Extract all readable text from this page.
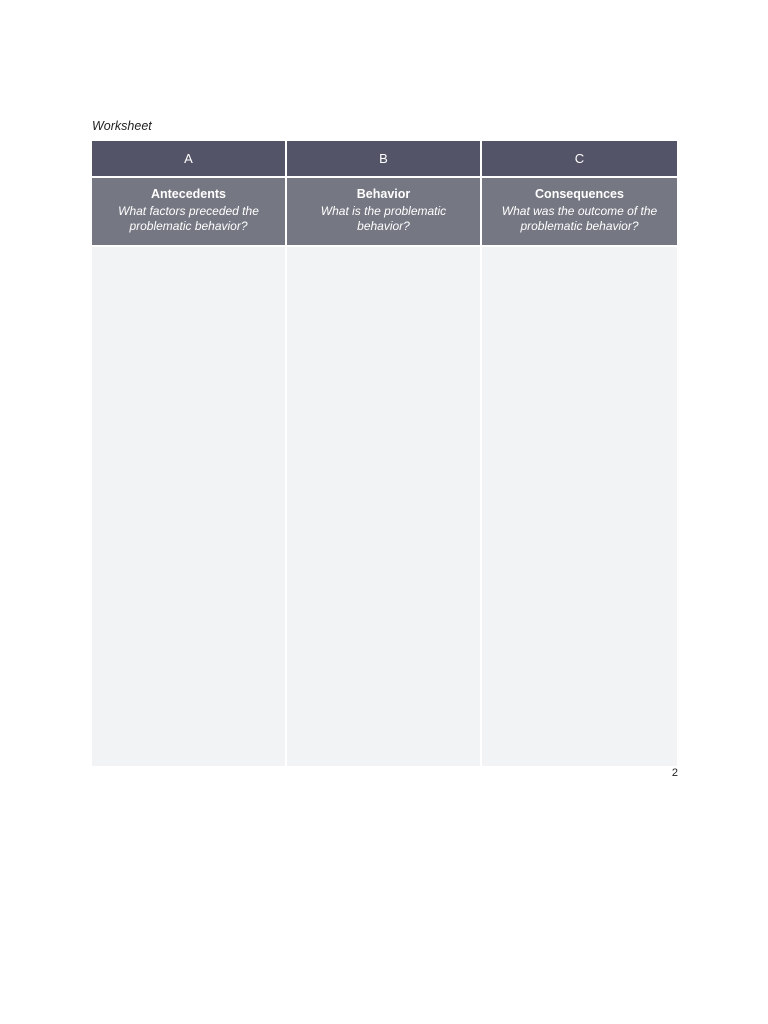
Worksheet
A	B	C
Antecedents
What factors preceded the problematic behavior?
Behavior
What is the problematic behavior?
Consequences
What was the outcome of the problematic behavior?
2
